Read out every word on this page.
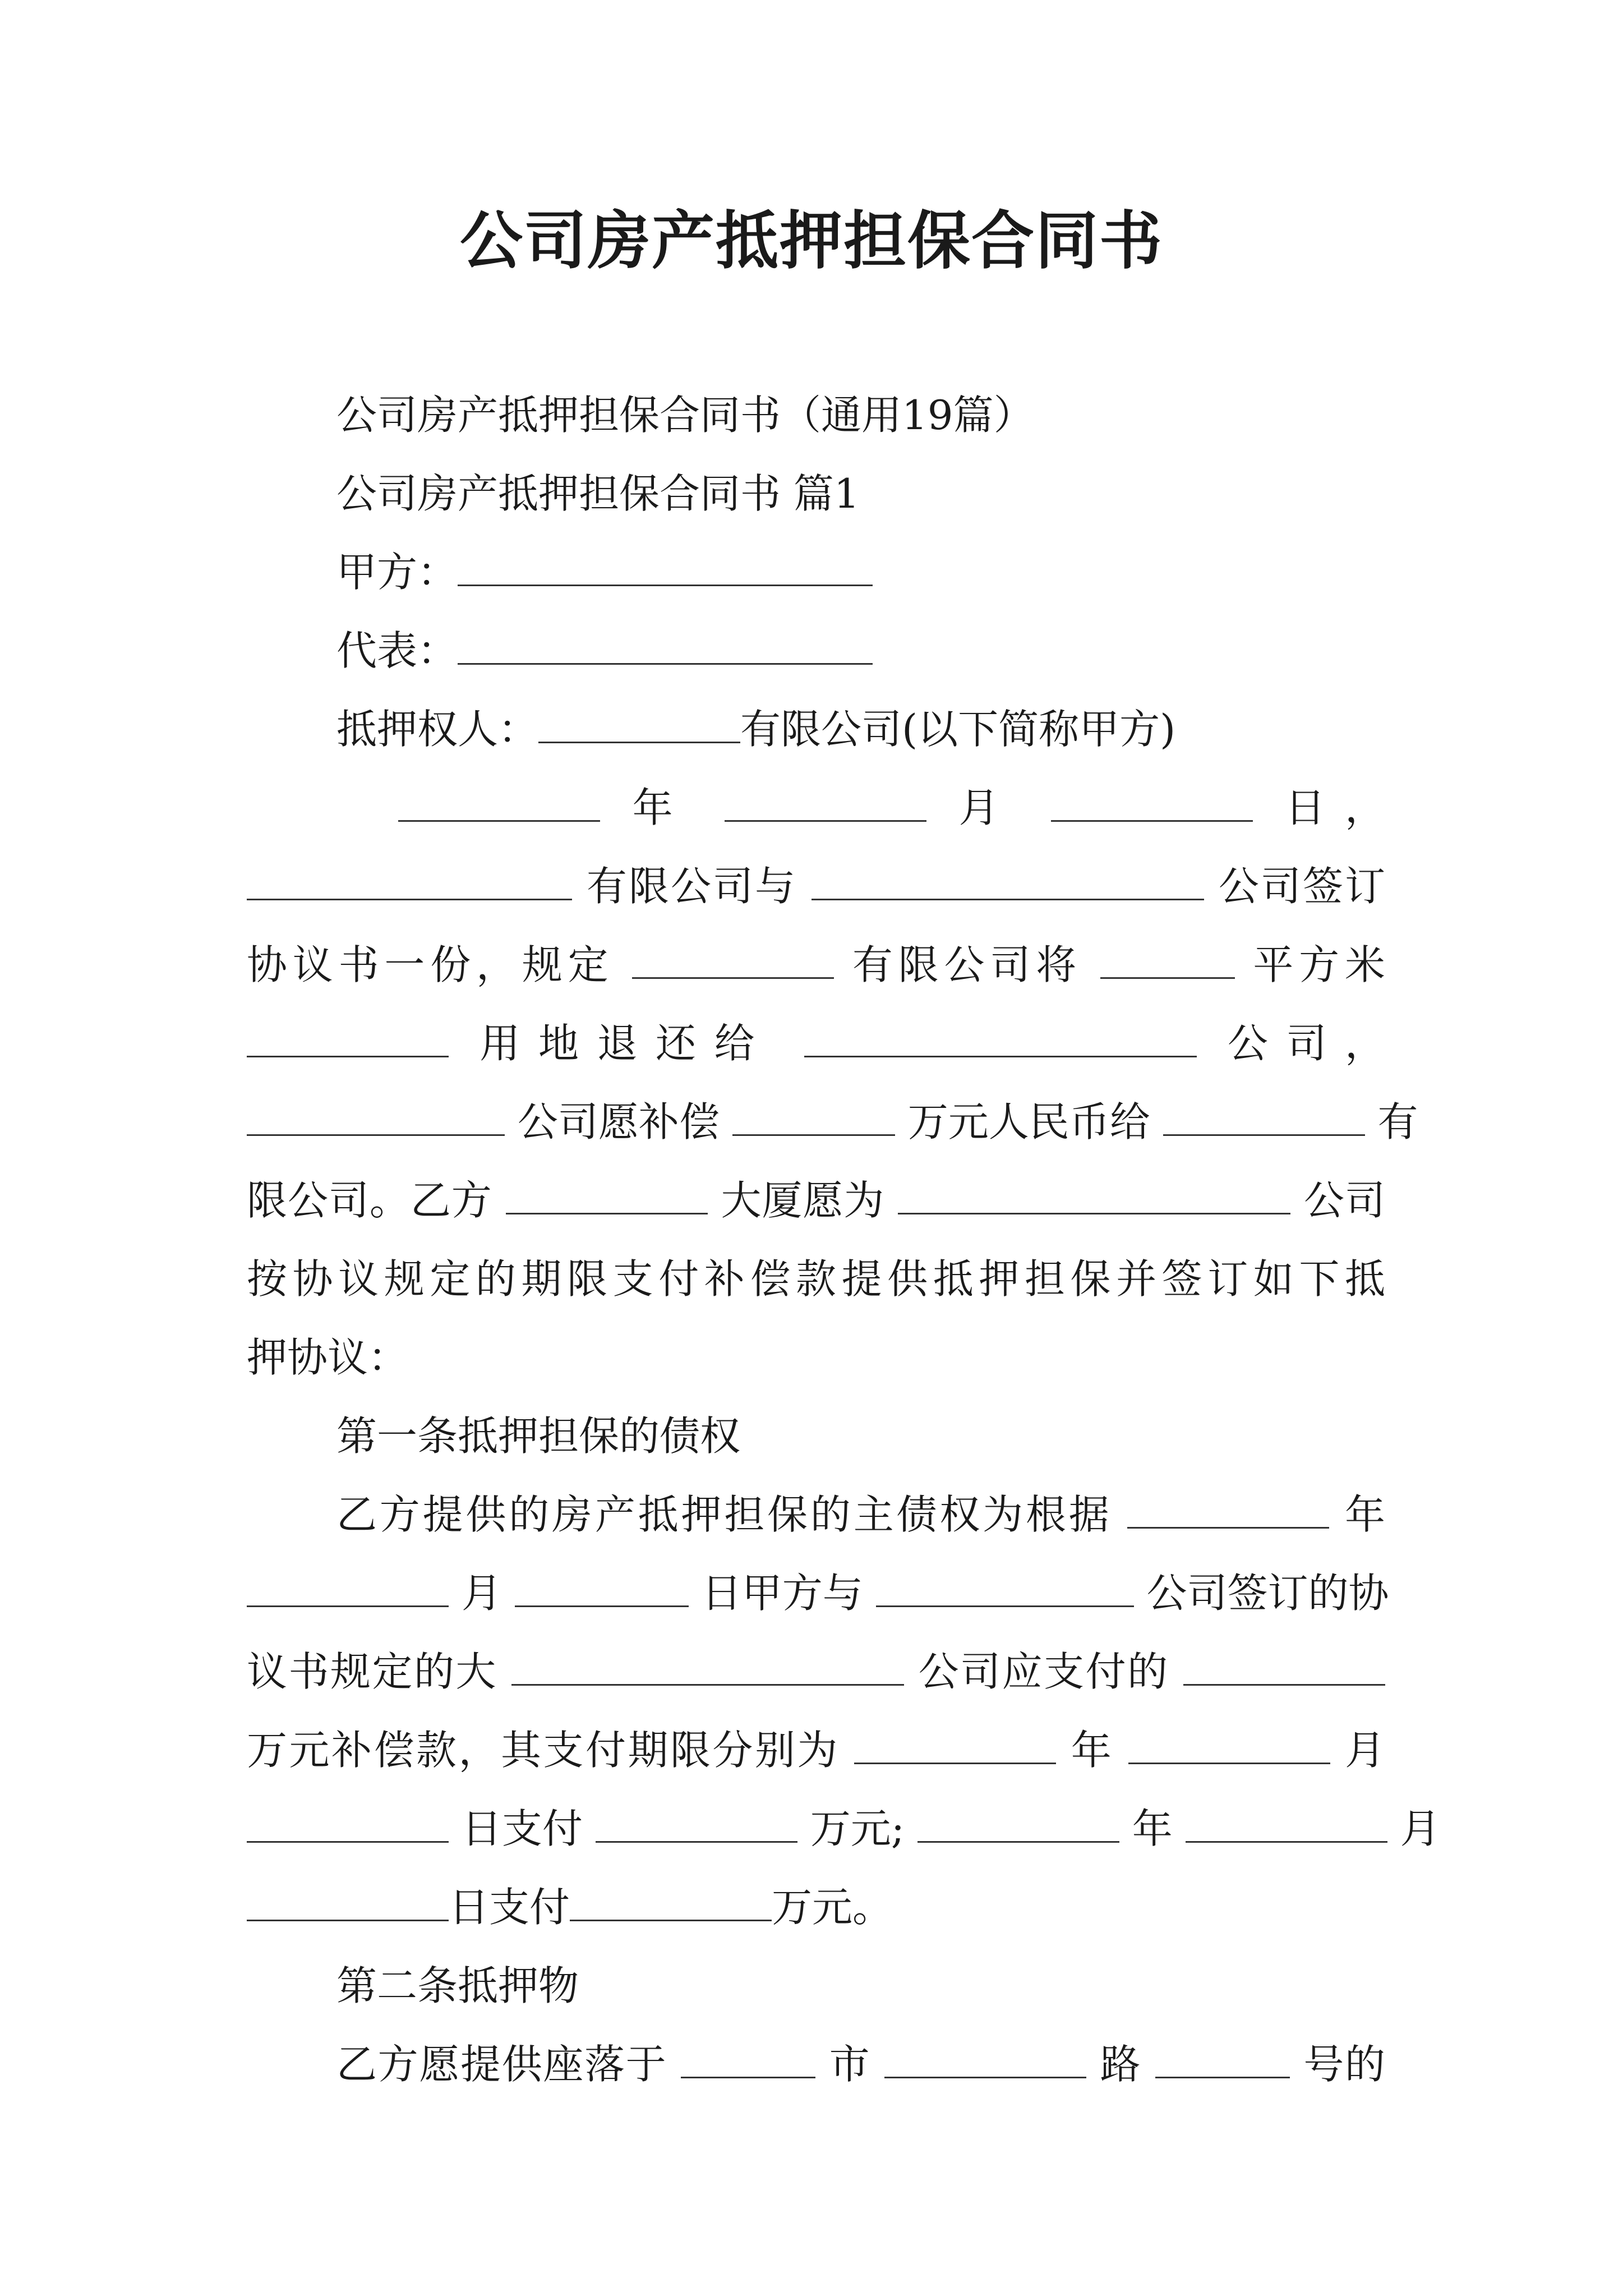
公司房产抵押担保合同书
公司房产抵押担保合同书（通用19篇）
公司房产抵押担保合同书 篇1
甲方：
代表：
抵押权人：	有限公司(以下简称甲方)
年	月	日，
有限公司与	公司签订
协议书一份，规定	有限公司将	平方米
用地退还给	公司，
公司愿补偿	万元人民币给	有
限公司。乙方	大厦愿为	公司
按协议规定的期限支付补偿款提供抵押担保并签订如下抵
押协议：
第一条抵押担保的债权
乙方提供的房产抵押担保的主债权为根据	年
月	日甲方与	公司签订的协
议书规定的大	公司应支付的
万元补偿款，其支付期限分别为	年	月
日支付	万元;	年	月
日支付	万元。
第二条抵押物
乙方愿提供座落于	市	路	号的
